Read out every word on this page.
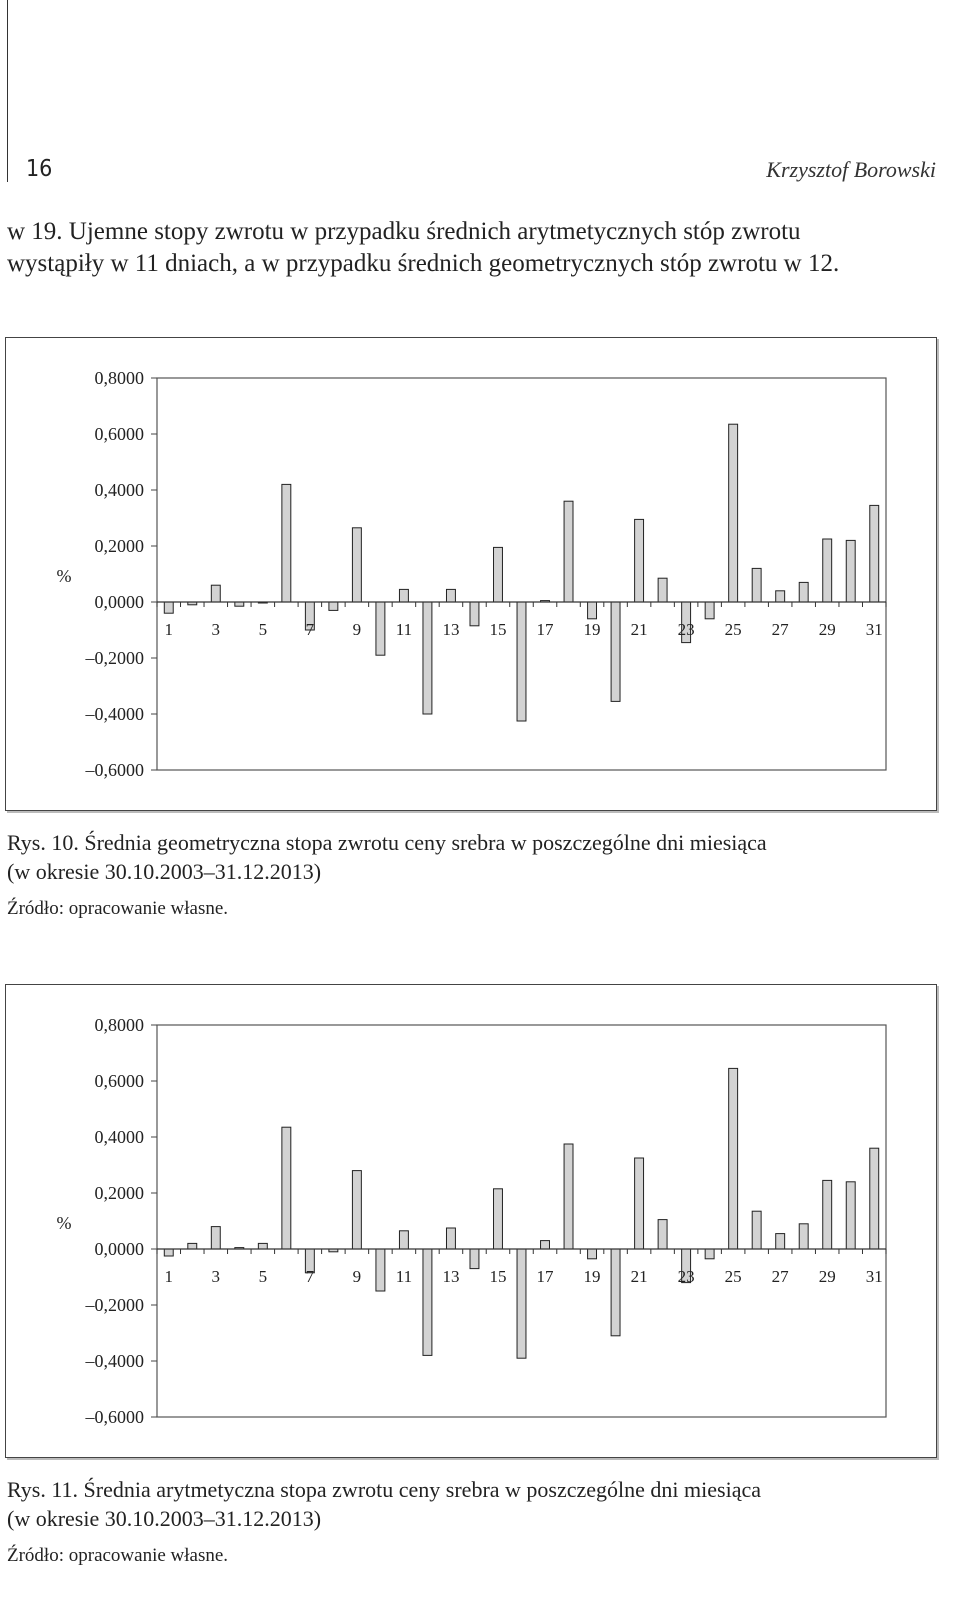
16	Krzysztof Borowski
w 19. Ujemne stopy zwrotu w przypadku średnich arytmetycznych stóp zwrotu
wystąpiły w 11 dniach, a w przypadku średnich geometrycznych stóp zwrotu w 12.
0,8000
0,6000
0,4000
0,2000
0,0000
–0,2000
–0,4000
–0,6000
%
1 3 5 7 9 11 13 15 17 19 21 23 25 27 29 31
Rys. 10. Średnia geometryczna stopa zwrotu ceny srebra w poszczególne dni miesiąca
(w okresie 30.10.2003–31.12.2013)
Źródło: opracowanie własne.
0,8000
0,6000
0,4000
0,2000
0,0000
–0,2000
–0,4000
–0,6000
%
1 3 5 7 9 11 13 15 17 19 21 23 25 27 29 31
Rys. 11. Średnia arytmetyczna stopa zwrotu ceny srebra w poszczególne dni miesiąca
(w okresie 30.10.2003–31.12.2013)
Źródło: opracowanie własne.
